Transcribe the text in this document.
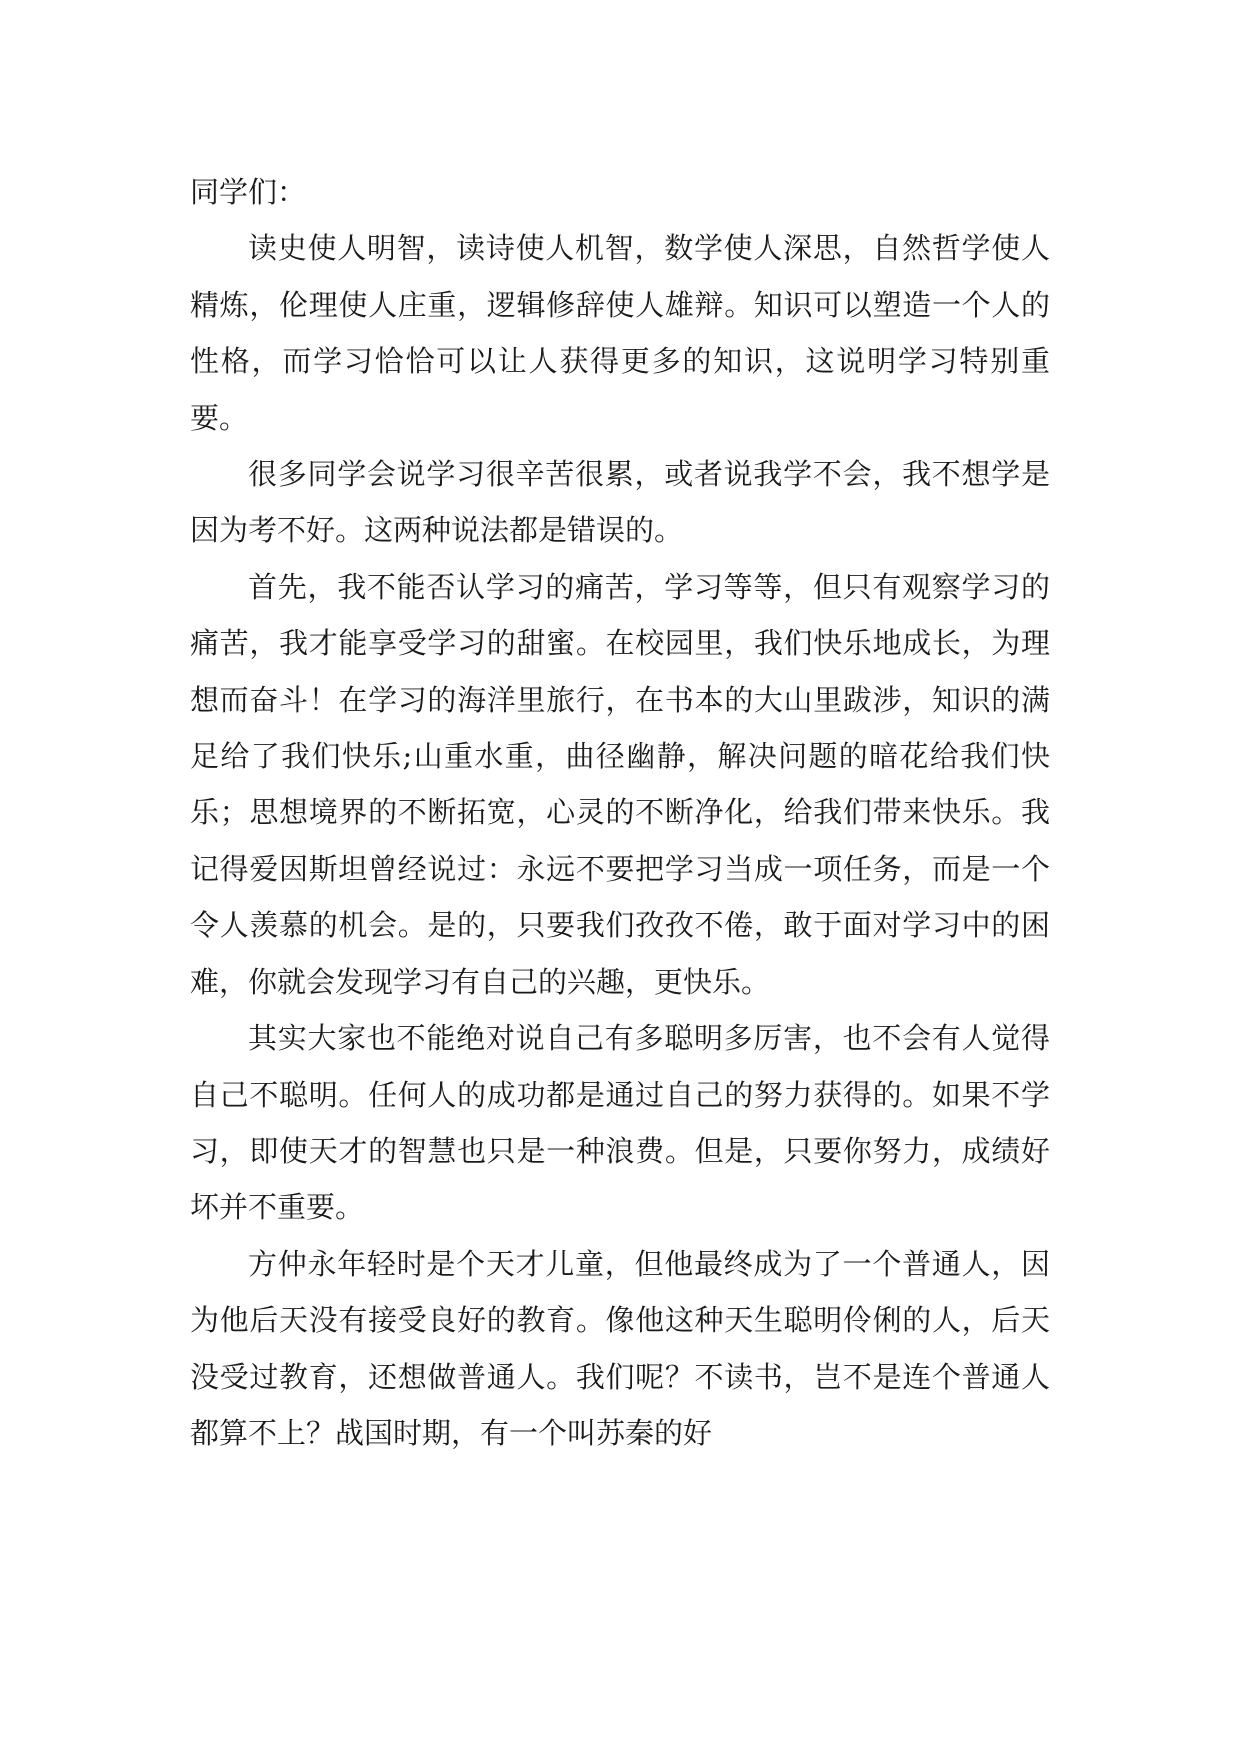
同学们：

读史使人明智，读诗使人机智，数学使人深思，自然哲学使人精炼，伦理使人庄重，逻辑修辞使人雄辩。知识可以塑造一个人的性格，而学习恰恰可以让人获得更多的知识，这说明学习特别重要。

很多同学会说学习很辛苦很累，或者说我学不会，我不想学是因为考不好。这两种说法都是错误的。

首先，我不能否认学习的痛苦，学习等等，但只有观察学习的痛苦，我才能享受学习的甜蜜。在校园里，我们快乐地成长，为理想而奋斗！在学习的海洋里旅行，在书本的大山里跋涉，知识的满足给了我们快乐;山重水重，曲径幽静，解决问题的暗花给我们快乐；思想境界的不断拓宽，心灵的不断净化，给我们带来快乐。我记得爱因斯坦曾经说过：永远不要把学习当成一项任务，而是一个令人羡慕的机会。是的，只要我们孜孜不倦，敢于面对学习中的困难，你就会发现学习有自己的兴趣，更快乐。

其实大家也不能绝对说自己有多聪明多厉害，也不会有人觉得自己不聪明。任何人的成功都是通过自己的努力获得的。如果不学习，即使天才的智慧也只是一种浪费。但是，只要你努力，成绩好坏并不重要。

方仲永年轻时是个天才儿童，但他最终成为了一个普通人，因为他后天没有接受良好的教育。像他这种天生聪明伶俐的人，后天没受过教育，还想做普通人。我们呢？不读书，岂不是连个普通人都算不上？战国时期，有一个叫苏秦的好
